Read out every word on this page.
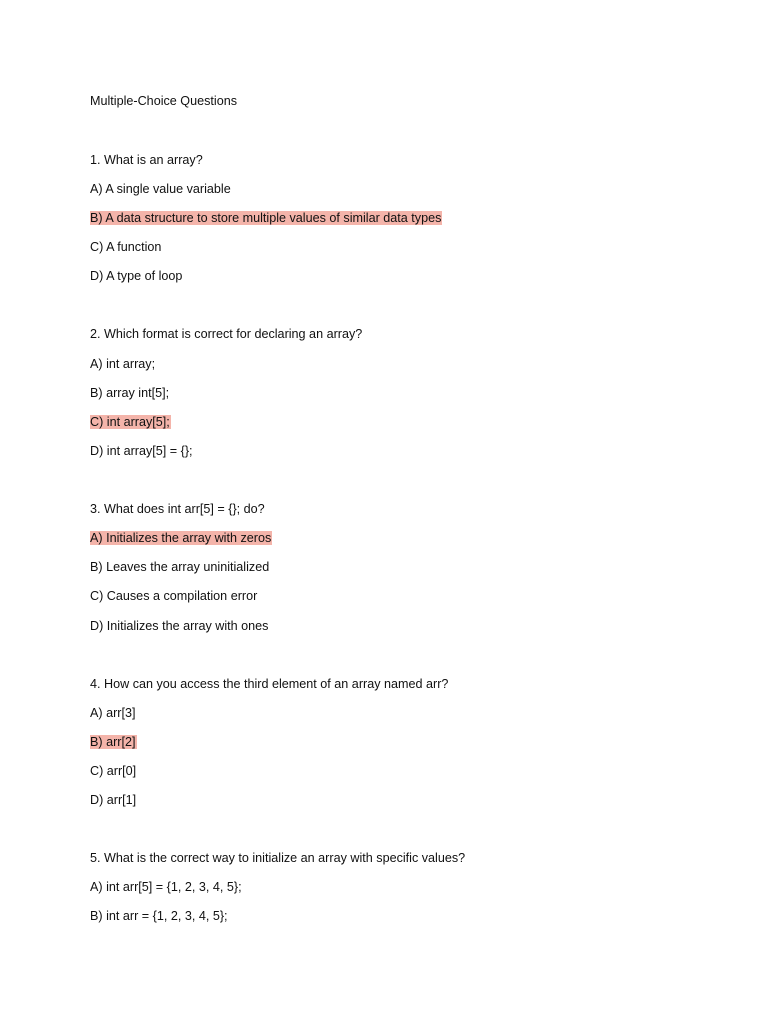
Multiple-Choice Questions

1. What is an array?

A) A single value variable

B) A data structure to store multiple values of similar data types

C) A function

D) A type of loop

2. Which format is correct for declaring an array?

A) int array;

B) array int[5];

C) int array[5];

D) int array[5] = {};

3. What does int arr[5] = {}; do?

A) Initializes the array with zeros

B) Leaves the array uninitialized

C) Causes a compilation error

D) Initializes the array with ones

4. How can you access the third element of an array named arr?

A) arr[3]

B) arr[2]

C) arr[0]

D) arr[1]

5. What is the correct way to initialize an array with specific values?

A) int arr[5] = {1, 2, 3, 4, 5};

B) int arr = {1, 2, 3, 4, 5};
